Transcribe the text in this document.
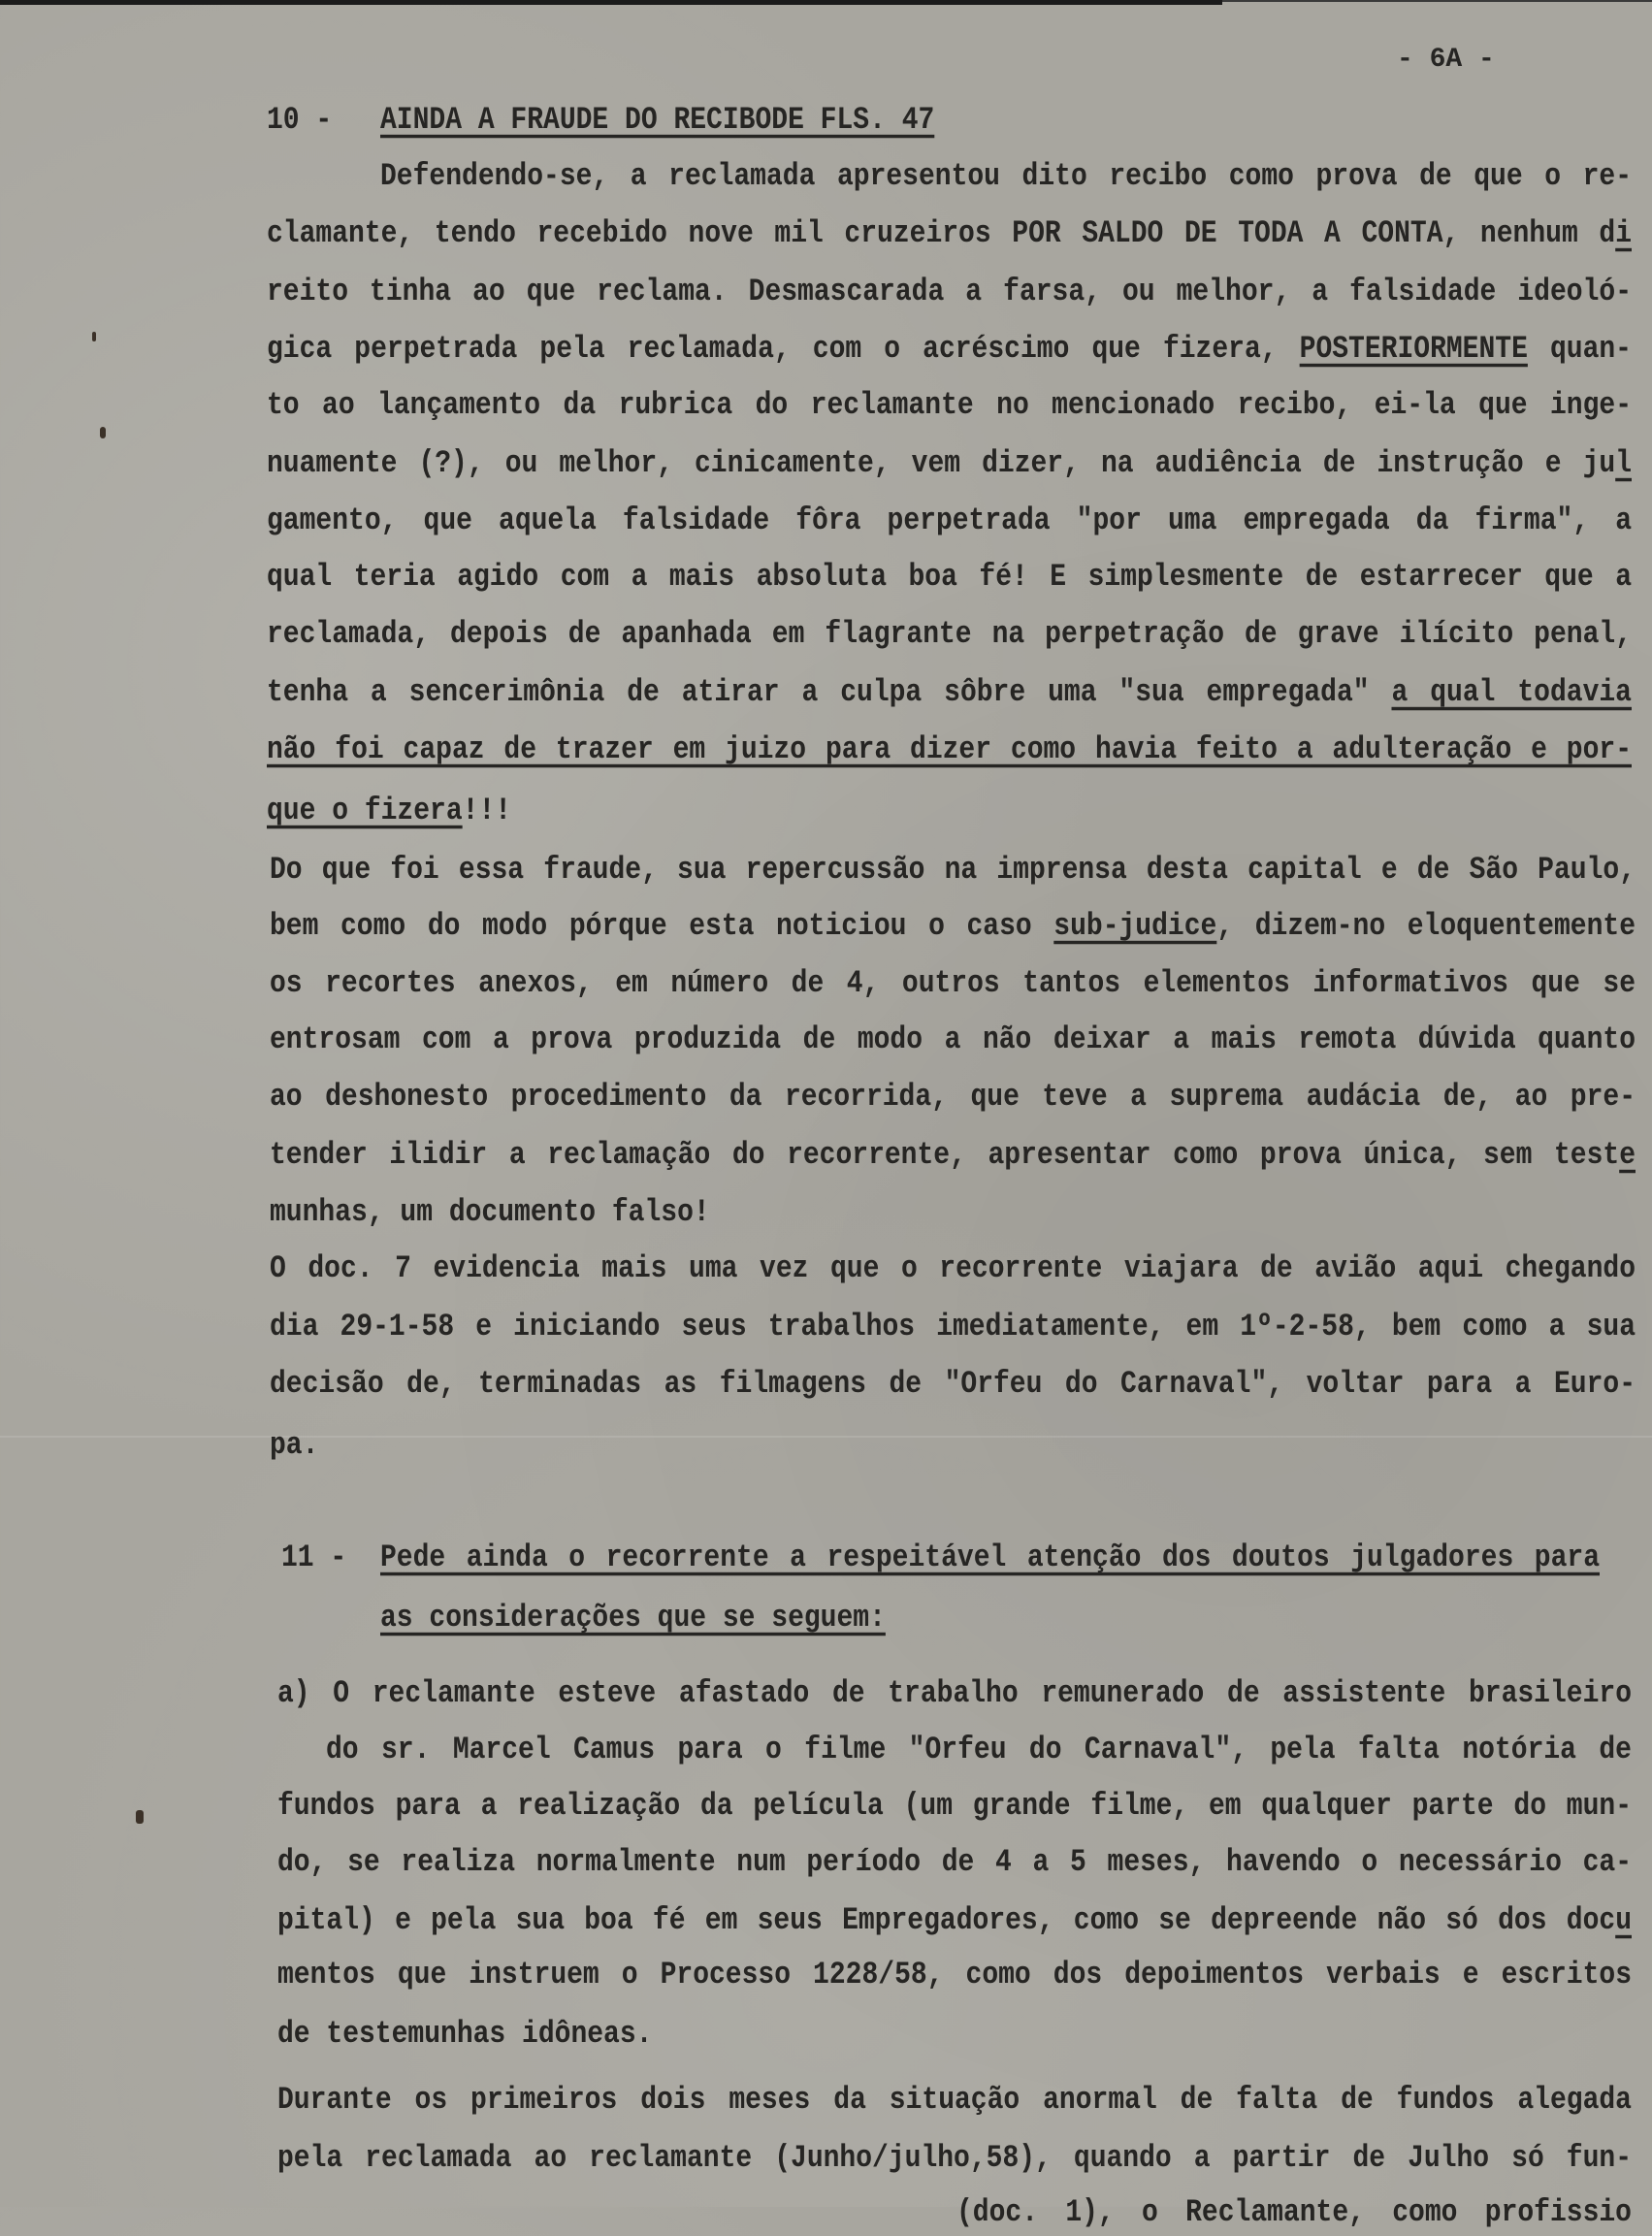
- 6A -
10 - AINDA A FRAUDE DO RECIBODE FLS. 47
Defendendo-se, a reclamada apresentou dito recibo como prova de que o re-
clamante, tendo recebido nove mil cruzeiros POR SALDO DE TODA A CONTA, nenhum di
reito tinha ao que reclama. Desmascarada a farsa, ou melhor, a falsidade ideoló-
gica perpetrada pela reclamada, com o acréscimo que fizera, POSTERIORMENTE quan-
to ao lançamento da rubrica do reclamante no mencionado recibo, ei-la que inge-
nuamente (?), ou melhor, cinicamente, vem dizer, na audiência de instrução e jul
gamento, que aquela falsidade fôra perpetrada "por uma empregada da firma", a
qual teria agido com a mais absoluta boa fé! E simplesmente de estarrecer que a
reclamada, depois de apanhada em flagrante na perpetração de grave ilícito penal,
tenha a sencerimônia de atirar a culpa sôbre uma "sua empregada" a qual todavia
não foi capaz de trazer em juizo para dizer como havia feito a adulteração e por-
que o fizera!!!
Do que foi essa fraude, sua repercussão na imprensa desta capital e de São Paulo,
bem como do modo pórque esta noticiou o caso sub-judice, dizem-no eloquentemente
os recortes anexos, em número de 4, outros tantos elementos informativos que se
entrosam com a prova produzida de modo a não deixar a mais remota dúvida quanto
ao deshonesto procedimento da recorrida, que teve a suprema audácia de, ao pre-
tender ilidir a reclamação do recorrente, apresentar como prova única, sem teste
munhas, um documento falso!
O doc. 7 evidencia mais uma vez que o recorrente viajara de avião aqui chegando
dia 29-1-58 e iniciando seus trabalhos imediatamente, em 1º-2-58, bem como a sua
decisão de, terminadas as filmagens de "Orfeu do Carnaval", voltar para a Euro-
pa.
11 - Pede ainda o recorrente a respeitável atenção dos doutos julgadores para
as considerações que se seguem:
a) O reclamante esteve afastado de trabalho remunerado de assistente brasileiro
do sr. Marcel Camus para o filme "Orfeu do Carnaval", pela falta notória de
fundos para a realização da película (um grande filme, em qualquer parte do mun-
do, se realiza normalmente num período de 4 a 5 meses, havendo o necessário ca-
pital) e pela sua boa fé em seus Empregadores, como se depreende não só dos docu
mentos que instruem o Processo 1228/58, como dos depoimentos verbais e escritos
de testemunhas idôneas.
Durante os primeiros dois meses da situação anormal de falta de fundos alegada
pela reclamada ao reclamante (Junho/julho,58), quando a partir de Julho só fun-
(doc. 1), o Reclamante, como profissio
